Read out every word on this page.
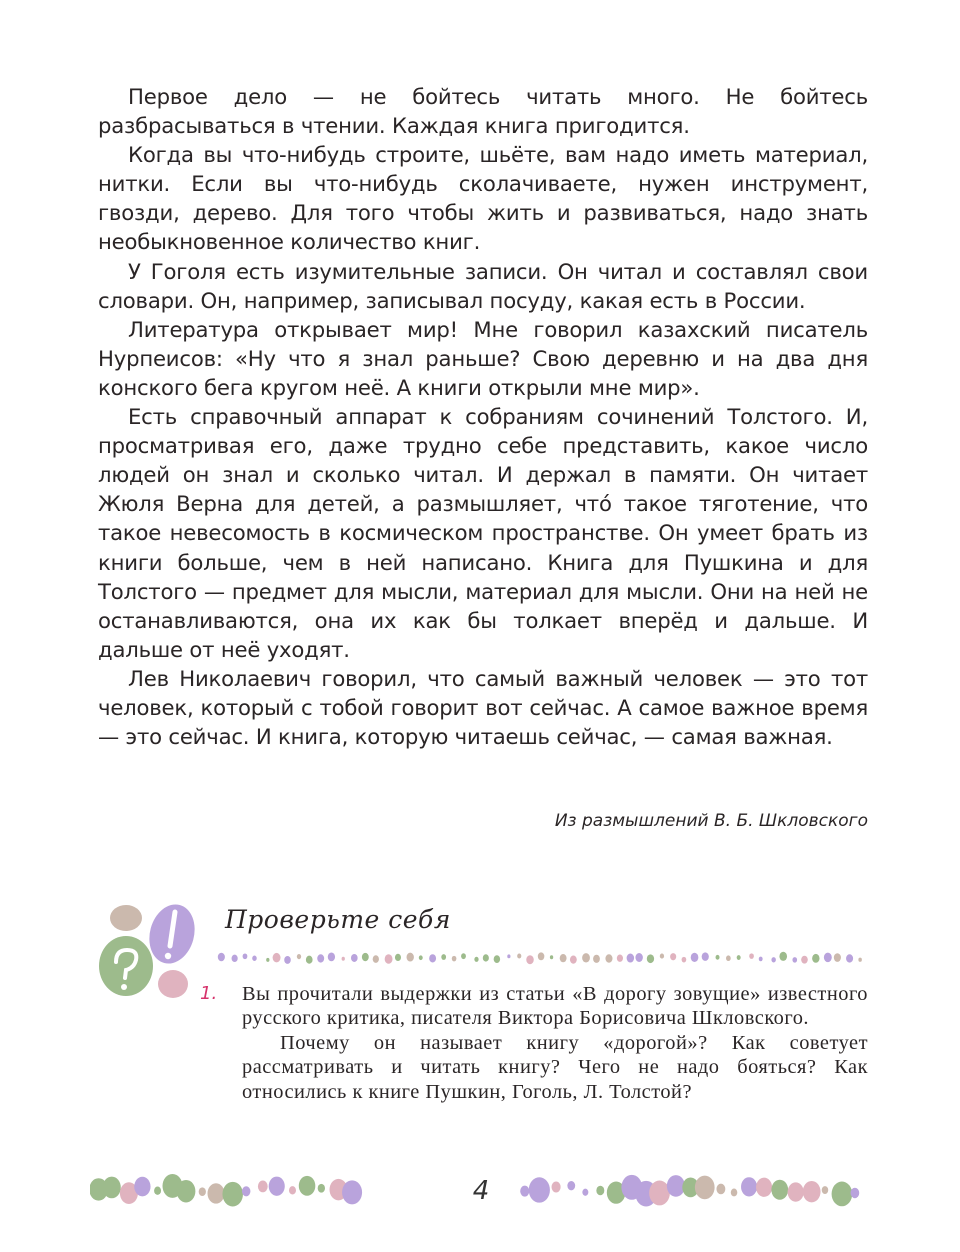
Первое дело — не бойтесь читать много. Не бойтесь разбрасываться в чтении. Каждая книга пригодится.

Когда вы что-нибудь строите, шьёте, вам надо иметь материал, нитки. Если вы что-нибудь сколачиваете, нужен инструмент, гвозди, дерево. Для того чтобы жить и развиваться, надо знать необыкновенное количество книг.

У Гоголя есть изумительные записи. Он читал и составлял свои словари. Он, например, записывал посуду, какая есть в России.

Литература открывает мир! Мне говорил казахский писатель Нурпеисов: «Ну что я знал раньше? Свою деревню и на два дня конского бега кругом неё. А книги открыли мне мир».

Есть справочный аппарат к собраниям сочинений Толстого. И, просматривая его, даже трудно себе представить, какое число людей он знал и сколько читал. И держал в памяти. Он читает Жюля Верна для детей, а размышляет, что́ такое тяготение, что такое невесомость в космическом пространстве. Он умеет брать из книги больше, чем в ней написано. Книга для Пушкина и для Толстого — предмет для мысли, материал для мысли. Они на ней не останавливаются, она их как бы толкает вперёд и дальше. И дальше от неё уходят.

Лев Николаевич говорил, что самый важный человек — это тот человек, который с тобой говорит вот сейчас. А самое важное время — это сейчас. И книга, которую читаешь сейчас, — самая важная.

Из размышлений В. Б. Шкловского
Проверьте себя
1.	Вы прочитали выдержки из статьи «В дорогу зовущие» известного русского критика, писателя Виктора Борисовича Шкловского.

Почему он называет книгу «дорогой»? Как советует рассматривать и читать книгу? Чего не надо бояться? Как относились к книге Пушкин, Гоголь, Л. Толстой?

4
